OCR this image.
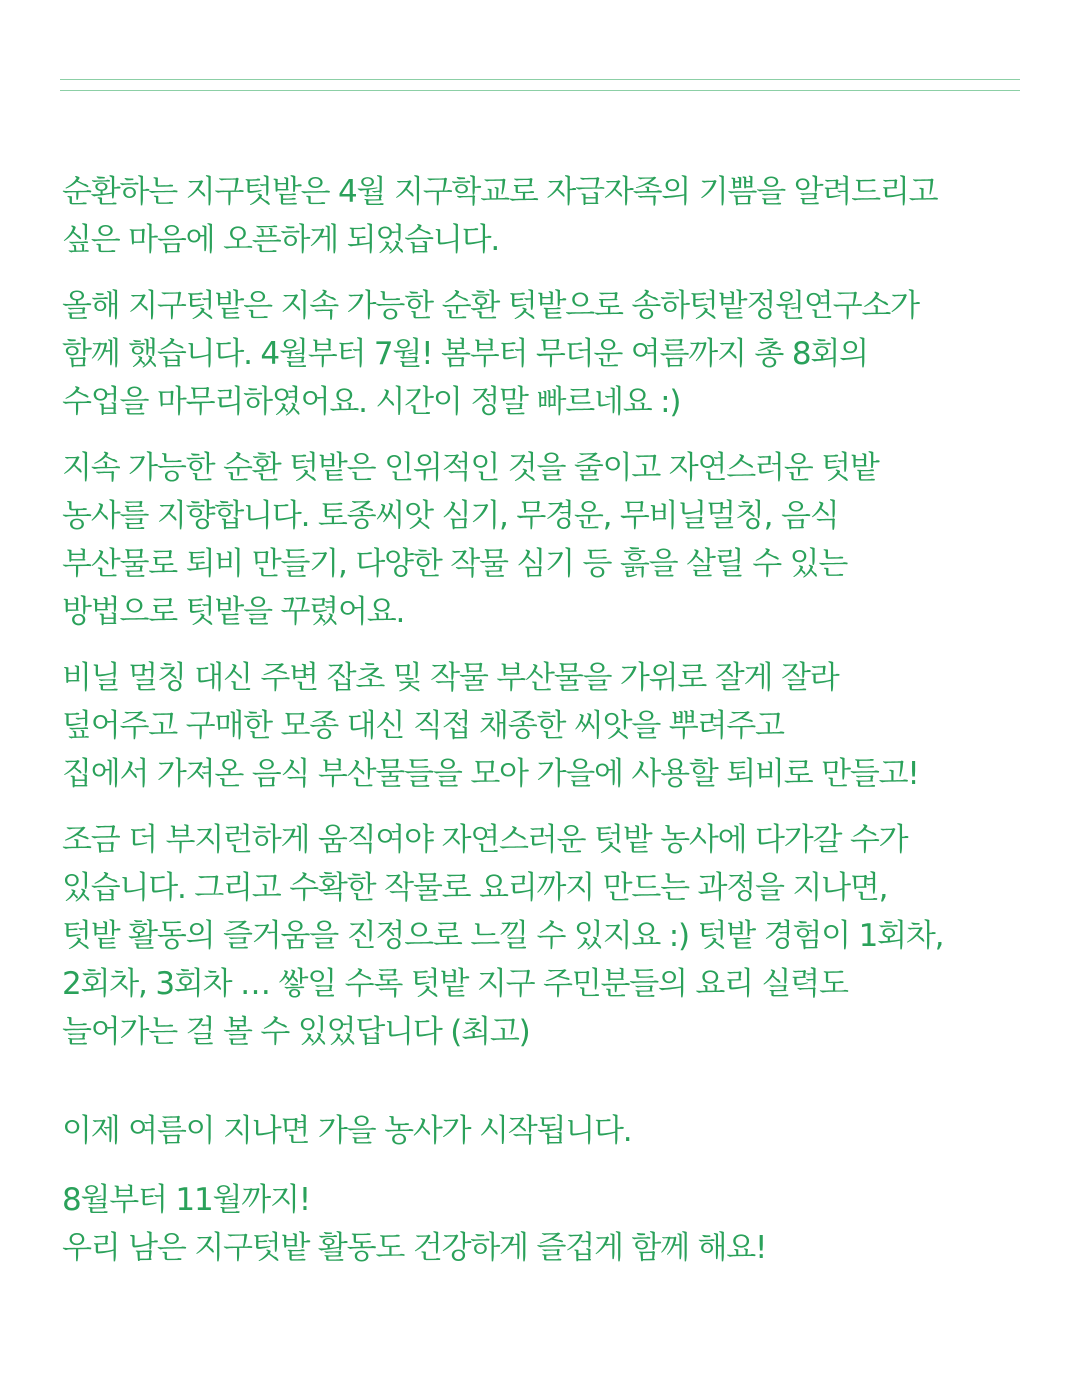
순환하는 지구텃밭은 4월 지구학교로 자급자족의 기쁨을 알려드리고
싶은 마음에 오픈하게 되었습니다.

올해 지구텃밭은 지속 가능한 순환 텃밭으로 송하텃밭정원연구소가
함께 했습니다. 4월부터 7월! 봄부터 무더운 여름까지 총 8회의
수업을 마무리하였어요. 시간이 정말 빠르네요 :)

지속 가능한 순환 텃밭은 인위적인 것을 줄이고 자연스러운 텃밭
농사를 지향합니다. 토종씨앗 심기, 무경운, 무비닐멀칭, 음식
부산물로 퇴비 만들기, 다양한 작물 심기 등 흙을 살릴 수 있는
방법으로 텃밭을 꾸렸어요.

비닐 멀칭 대신 주변 잡초 및 작물 부산물을 가위로 잘게 잘라
덮어주고 구매한 모종 대신 직접 채종한 씨앗을 뿌려주고
집에서 가져온 음식 부산물들을 모아 가을에 사용할 퇴비로 만들고!

조금 더 부지런하게 움직여야 자연스러운 텃밭 농사에 다가갈 수가
있습니다. 그리고 수확한 작물로 요리까지 만드는 과정을 지나면,
텃밭 활동의 즐거움을 진정으로 느낄 수 있지요 :) 텃밭 경험이 1회차,
2회차, 3회차 … 쌓일 수록 텃밭 지구 주민분들의 요리 실력도
늘어가는 걸 볼 수 있었답니다 (최고)

이제 여름이 지나면 가을 농사가 시작됩니다.

8월부터 11월까지!
우리 남은 지구텃밭 활동도 건강하게 즐겁게 함께 해요!
